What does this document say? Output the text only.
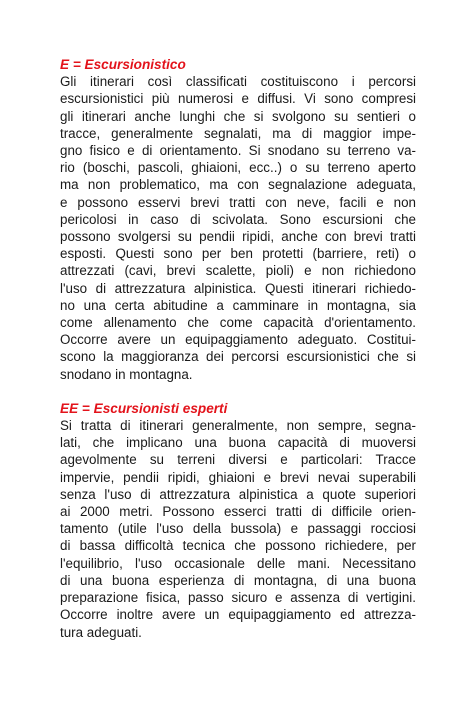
E = Escursionistico

Gli itinerari così classificati costituiscono i percorsi
escursionistici più numerosi e diffusi. Vi sono compresi
gli itinerari anche lunghi che si svolgono su sentieri o
tracce, generalmente segnalati, ma di maggior impe-
gno fisico e di orientamento. Si snodano su terreno va-
rio (boschi, pascoli, ghiaioni, ecc..) o su terreno aperto
ma non problematico, ma con segnalazione adeguata,
e possono esservi brevi tratti con neve, facili e non
pericolosi in caso di scivolata. Sono escursioni che
possono svolgersi su pendii ripidi, anche con brevi tratti
esposti. Questi sono per ben protetti (barriere, reti) o
attrezzati (cavi, brevi scalette, pioli) e non richiedono
l'uso di attrezzatura alpinistica. Questi itinerari richiedo-
no una certa abitudine a camminare in montagna, sia
come allenamento che come capacità d'orientamento.
Occorre avere un equipaggiamento adeguato. Costitui-
scono la maggioranza dei percorsi escursionistici che si
snodano in montagna.

EE = Escursionisti esperti

Si tratta di itinerari generalmente, non sempre, segna-
lati, che implicano una buona capacità di muoversi
agevolmente su terreni diversi e particolari: Tracce
impervie, pendii ripidi, ghiaioni e brevi nevai superabili
senza l'uso di attrezzatura alpinistica a quote superiori
ai 2000 metri. Possono esserci tratti di difficile orien-
tamento (utile l'uso della bussola) e passaggi rocciosi
di bassa difficoltà tecnica che possono richiedere, per
l'equilibrio, l'uso occasionale delle mani. Necessitano
di una buona esperienza di montagna, di una buona
preparazione fisica, passo sicuro e assenza di vertigini.
Occorre inoltre avere un equipaggiamento ed attrezza-
tura adeguati.
